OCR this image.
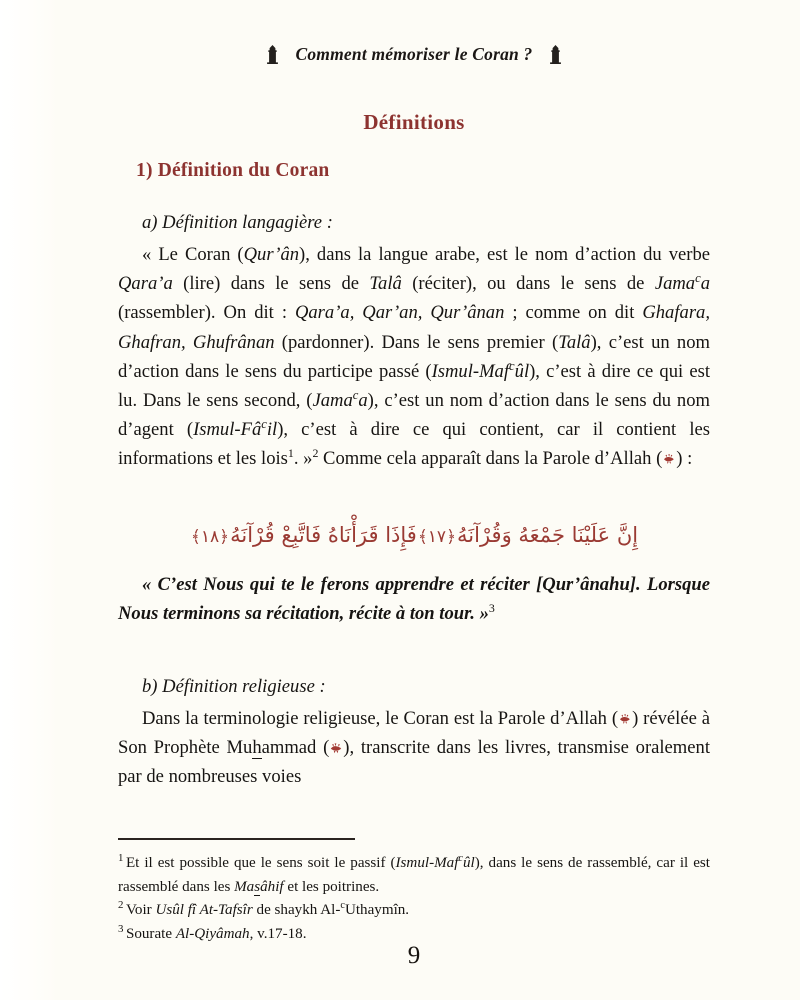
Comment mémoriser le Coran ?
Définitions
1) Définition du Coran
a) Définition langagière :

« Le Coran (Qur’ân), dans la langue arabe, est le nom d’action du verbe Qara’a (lire) dans le sens de Talâ (réciter), ou dans le sens de Jama$^c$a (rassembler). On dit : Qara’a, Qar’an, Qur’ânan ; comme on dit Ghafara, Ghafran, Ghufrânan (pardonner). Dans le sens premier (Talâ), c’est un nom d’action dans le sens du participe passé (Ismul-Maf$^c$ûl), c’est à dire ce qui est lu. Dans le sens second, (Jama$^c$a), c’est un nom d’action dans le sens du nom d’agent $(Ismul-Fâ^cil)$, c’est à dire ce qui contient, car il contient les informations et les lois$^1$. »$^2$ Comme cela apparaît dans la Parole d’Allah ( ) :

إِنَّ عَلَيْنَا جَمْعَهُ وَقُرْآنَهُ﴿١٧﴾فَإِذَا قَرَأْنَاهُ فَاتَّبِعْ قُرْآنَهُ﴿١٨﴾

« C’est Nous qui te le ferons apprendre et réciter [Qur’ânahu]. Lorsque Nous terminons sa récitation, récite à ton tour. »$^3$

b) Définition religieuse :

Dans la terminologie religieuse, le Coran est la Parole d’Allah ( ) révélée à Son Prophète Muhammad ( ), transcrite dans les livres, transmise oralement par de nombreuses voies

$^1$ Et il est possible que le sens soit le passif (Ismul-Maf$^c$ûl), dans le sens de rassemblé, car il est rassemblé dans les Masâhif et les poitrines.

$^2$ Voir Usûl fî At-Tafsîr de shaykh Al-$^c$Uthaymîn.

$^3$ Sourate Al-Qiyâmah, v.17-18.

9
